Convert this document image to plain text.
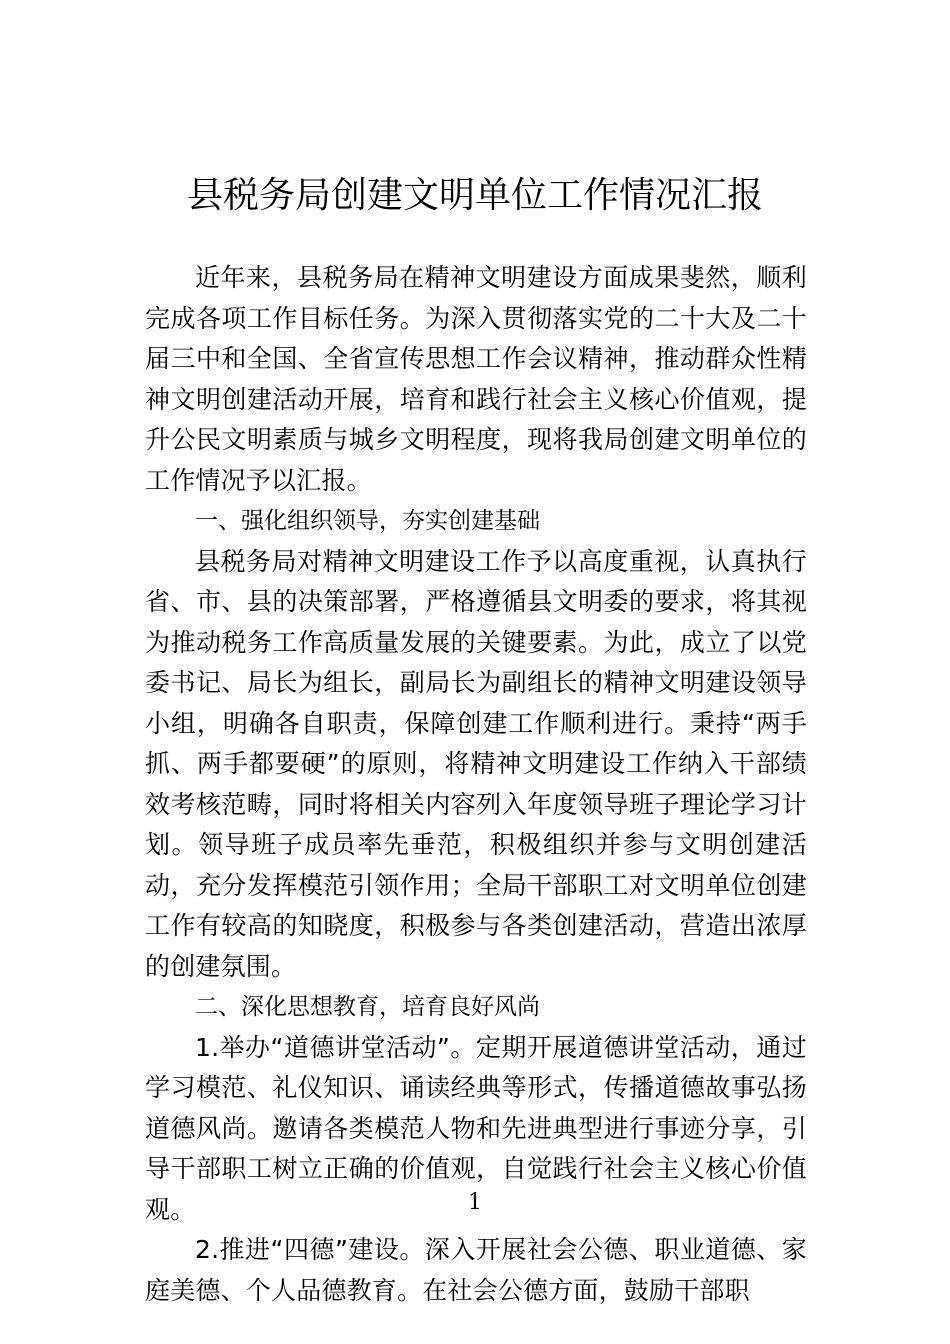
县税务局创建文明单位工作情况汇报

近年来，县税务局在精神文明建设方面成果斐然，顺利完成各项工作目标任务。为深入贯彻落实党的二十大及二十届三中和全国、全省宣传思想工作会议精神，推动群众性精神文明创建活动开展，培育和践行社会主义核心价值观，提升公民文明素质与城乡文明程度，现将我局创建文明单位的工作情况予以汇报。

一、强化组织领导，夯实创建基础

县税务局对精神文明建设工作予以高度重视，认真执行省、市、县的决策部署，严格遵循县文明委的要求，将其视为推动税务工作高质量发展的关键要素。为此，成立了以党委书记、局长为组长，副局长为副组长的精神文明建设领导小组，明确各自职责，保障创建工作顺利进行。秉持“两手抓、两手都要硬”的原则，将精神文明建设工作纳入干部绩效考核范畴，同时将相关内容列入年度领导班子理论学习计划。领导班子成员率先垂范，积极组织并参与文明创建活动，充分发挥模范引领作用；全局干部职工对文明单位创建工作有较高的知晓度，积极参与各类创建活动，营造出浓厚的创建氛围。

二、深化思想教育，培育良好风尚

1.举办“道德讲堂活动”。定期开展道德讲堂活动，通过学习模范、礼仪知识、诵读经典等形式，传播道德故事弘扬道德风尚。邀请各类模范人物和先进典型进行事迹分享，引导干部职工树立正确的价值观，自觉践行社会主义核心价值观。

2.推进“四德”建设。深入开展社会公德、职业道德、家庭美德、个人品德教育。在社会公德方面，鼓励干部职

1
